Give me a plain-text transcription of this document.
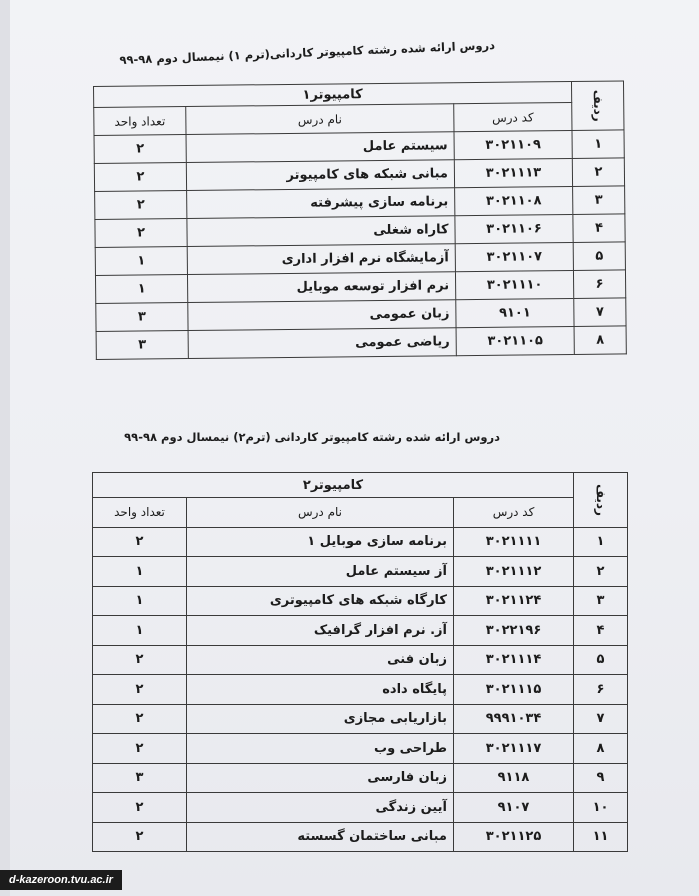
دروس ارائه شده رشته کامپیوتر کاردانی(ترم ۱) نیمسال دوم ۹۸-۹۹
ردیف	کامپیوتر۱		
	کد درس	نام درس	تعداد واحد
۱	۳۰۲۱۱۰۹	سیستم عامل	۲
۲	۳۰۲۱۱۱۳	مبانی شبکه های کامپیوتر	۲
۳	۳۰۲۱۱۰۸	برنامه سازی پیشرفته	۲
۴	۳۰۲۱۱۰۶	کاراه شغلی	۲
۵	۳۰۲۱۱۰۷	آزمایشگاه نرم افزار اداری	۱
۶	۳۰۲۱۱۱۰	نرم افزار توسعه موبایل	۱
۷	۹۱۰۱	زبان عمومی	۳
۸	۳۰۲۱۱۰۵	ریاضی عمومی	۳
دروس ارائه شده رشته کامپیوتر کاردانی (ترم۲) نیمسال دوم ۹۸-۹۹
ردیف	کامپیوتر۲		
	کد درس	نام درس	تعداد واحد
۱	۳۰۲۱۱۱۱	برنامه سازی موبایل ۱	۲
۲	۳۰۲۱۱۱۲	آز سیستم عامل	۱
۳	۳۰۲۱۱۲۴	کارگاه شبکه های کامپیوتری	۱
۴	۳۰۲۲۱۹۶	آز. نرم افزار گرافیک	۱
۵	۳۰۲۱۱۱۴	زبان فنی	۲
۶	۳۰۲۱۱۱۵	پایگاه داده	۲
۷	۹۹۹۱۰۳۴	بازاریابی مجازی	۲
۸	۳۰۲۱۱۱۷	طراحی وب	۲
۹	۹۱۱۸	زبان فارسی	۳
۱۰	۹۱۰۷	آیین زندگی	۲
۱۱	۳۰۲۱۱۲۵	مبانی ساختمان گسسته	۲
d-kazeroon.tvu.ac.ir
